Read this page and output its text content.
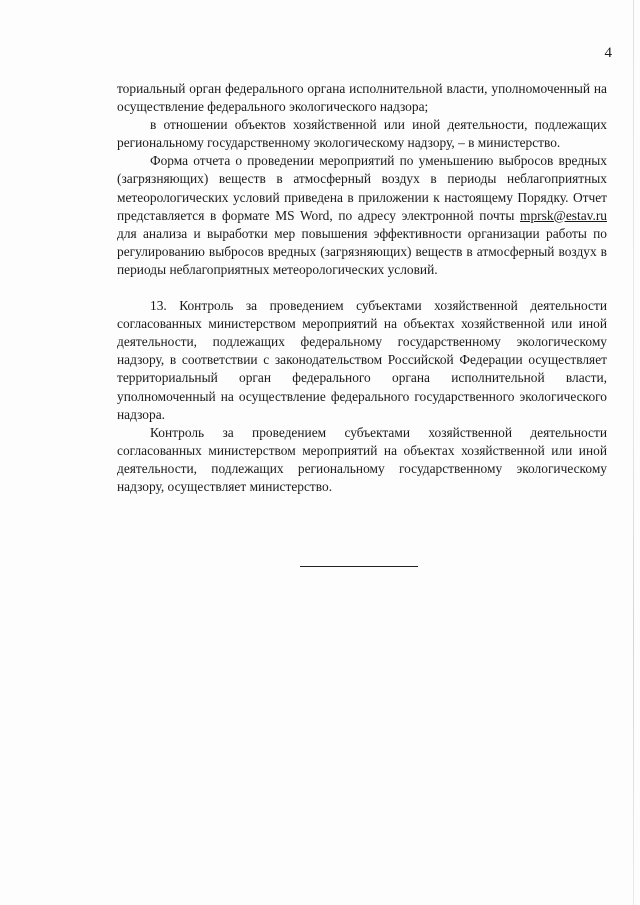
4

ториальный орган федерального органа исполнительной власти, уполномоченный на осуществление федерального экологического надзора;

в отношении объектов хозяйственной или иной деятельности, подлежащих региональному государственному экологическому надзору, – в министерство.

Форма отчета о проведении мероприятий по уменьшению выбросов вредных (загрязняющих) веществ в атмосферный воздух в периоды неблагоприятных метеорологических условий приведена в приложении к настоящему Порядку. Отчет представляется в формате MS Word, по адресу электронной почты mprsk@estav.ru для анализа и выработки мер повышения эффективности организации работы по регулированию выбросов вредных (загрязняющих) веществ в атмосферный воздух в периоды неблагоприятных метеорологических условий.

13. Контроль за проведением субъектами хозяйственной деятельности согласованных министерством мероприятий на объектах хозяйственной или иной деятельности, подлежащих федеральному государственному экологическому надзору, в соответствии с законодательством Российской Федерации осуществляет территориальный орган федерального органа исполнительной власти, уполномоченный на осуществление федерального государственного экологического надзора.

Контроль за проведением субъектами хозяйственной деятельности согласованных министерством мероприятий на объектах хозяйственной или иной деятельности, подлежащих региональному государственному экологическому надзору, осуществляет министерство.
